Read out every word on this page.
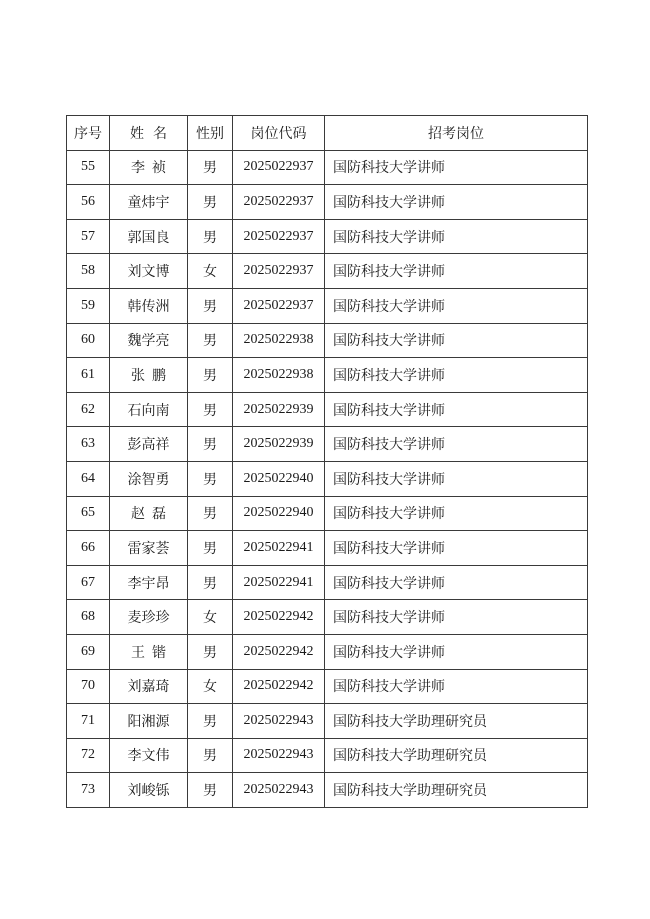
序号	姓  名	性别	岗位代码	招考岗位
55	李  祯	男	2025022937	国防科技大学讲师
56	童炜宇	男	2025022937	国防科技大学讲师
57	郭国良	男	2025022937	国防科技大学讲师
58	刘文博	女	2025022937	国防科技大学讲师
59	韩传洲	男	2025022937	国防科技大学讲师
60	魏学亮	男	2025022938	国防科技大学讲师
61	张  鹏	男	2025022938	国防科技大学讲师
62	石向南	男	2025022939	国防科技大学讲师
63	彭高祥	男	2025022939	国防科技大学讲师
64	涂智勇	男	2025022940	国防科技大学讲师
65	赵  磊	男	2025022940	国防科技大学讲师
66	雷家荟	男	2025022941	国防科技大学讲师
67	李宇昂	男	2025022941	国防科技大学讲师
68	麦珍珍	女	2025022942	国防科技大学讲师
69	王  锴	男	2025022942	国防科技大学讲师
70	刘嘉琦	女	2025022942	国防科技大学讲师
71	阳湘源	男	2025022943	国防科技大学助理研究员
72	李文伟	男	2025022943	国防科技大学助理研究员
73	刘峻铄	男	2025022943	国防科技大学助理研究员
